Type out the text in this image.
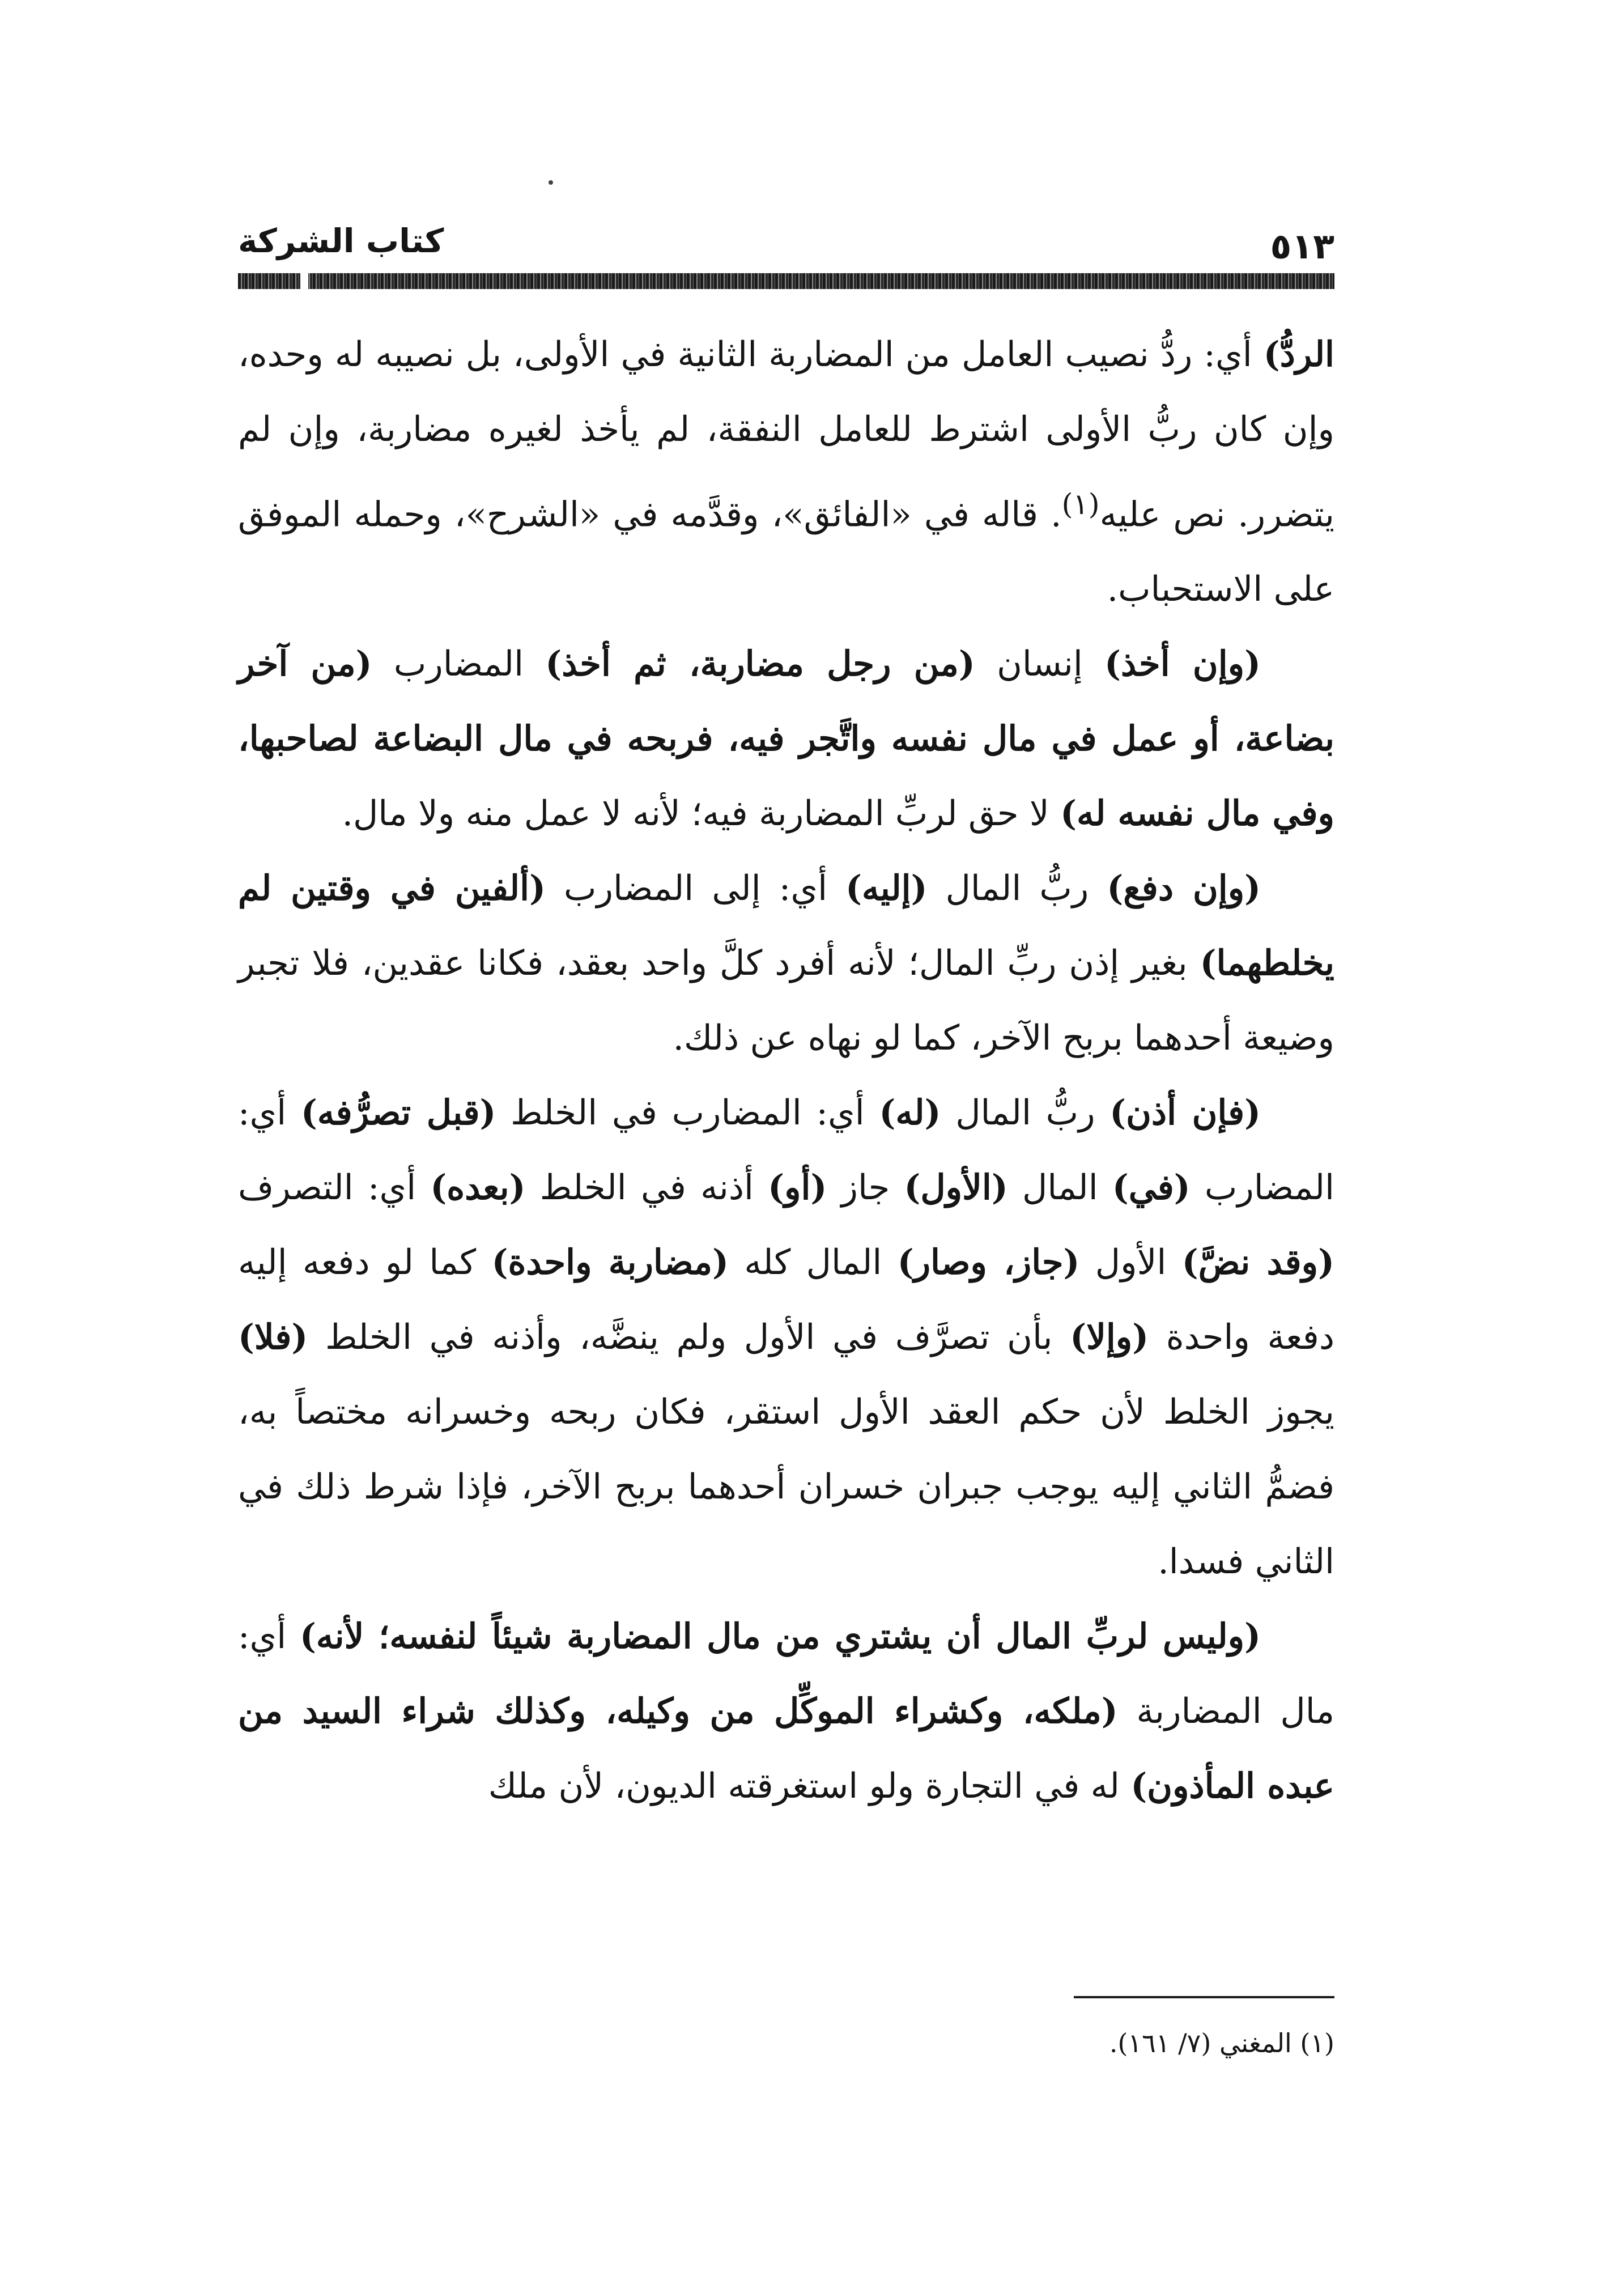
٥١٣
كتاب الشركة

الردُّ) أي: ردُّ نصيب العامل من المضاربة الثانية في الأولى، بل نصيبه له وحده، وإن كان ربُّ الأولى اشترط للعامل النفقة، لم يأخذ لغيره مضاربة، وإن لم يتضرر. نص عليه$^{(١)}$. قاله في «الفائق»، وقدَّمه في «الشرح»، وحمله الموفق على الاستحباب.

(وإن أخذ) إنسان (من رجل مضاربة، ثم أخذ) المضارب (من آخر بضاعة، أو عمل في مال نفسه واتَّجر فيه، فربحه في مال البضاعة لصاحبها، وفي مال نفسه له) لا حق لربِّ المضاربة فيه؛ لأنه لا عمل منه ولا مال.

(وإن دفع) ربُّ المال (إليه) أي: إلى المضارب (ألفين في وقتين لم يخلطهما) بغير إذن ربِّ المال؛ لأنه أفرد كلَّ واحد بعقد، فكانا عقدين، فلا تجبر وضيعة أحدهما بربح الآخر، كما لو نهاه عن ذلك.

(فإن أذن) ربُّ المال (له) أي: المضارب في الخلط (قبل تصرُّفه) أي: المضارب (في) المال (الأول) جاز (أو) أذنه في الخلط (بعده) أي: التصرف (وقد نضَّ) الأول (جاز، وصار) المال كله (مضاربة واحدة) كما لو دفعه إليه دفعة واحدة (وإلا) بأن تصرَّف في الأول ولم ينضَّه، وأذنه في الخلط (فلا) يجوز الخلط لأن حكم العقد الأول استقر، فكان ربحه وخسرانه مختصاً به، فضمُّ الثاني إليه يوجب جبران خسران أحدهما بربح الآخر، فإذا شرط ذلك في الثاني فسدا.

(وليس لربِّ المال أن يشتري من مال المضاربة شيئاً لنفسه؛ لأنه) أي: مال المضاربة (ملكه، وكشراء الموكِّل من وكيله، وكذلك شراء السيد من عبده المأذون) له في التجارة ولو استغرقته الديون، لأن ملك

(١) المغني (٧/ ١٦١).
